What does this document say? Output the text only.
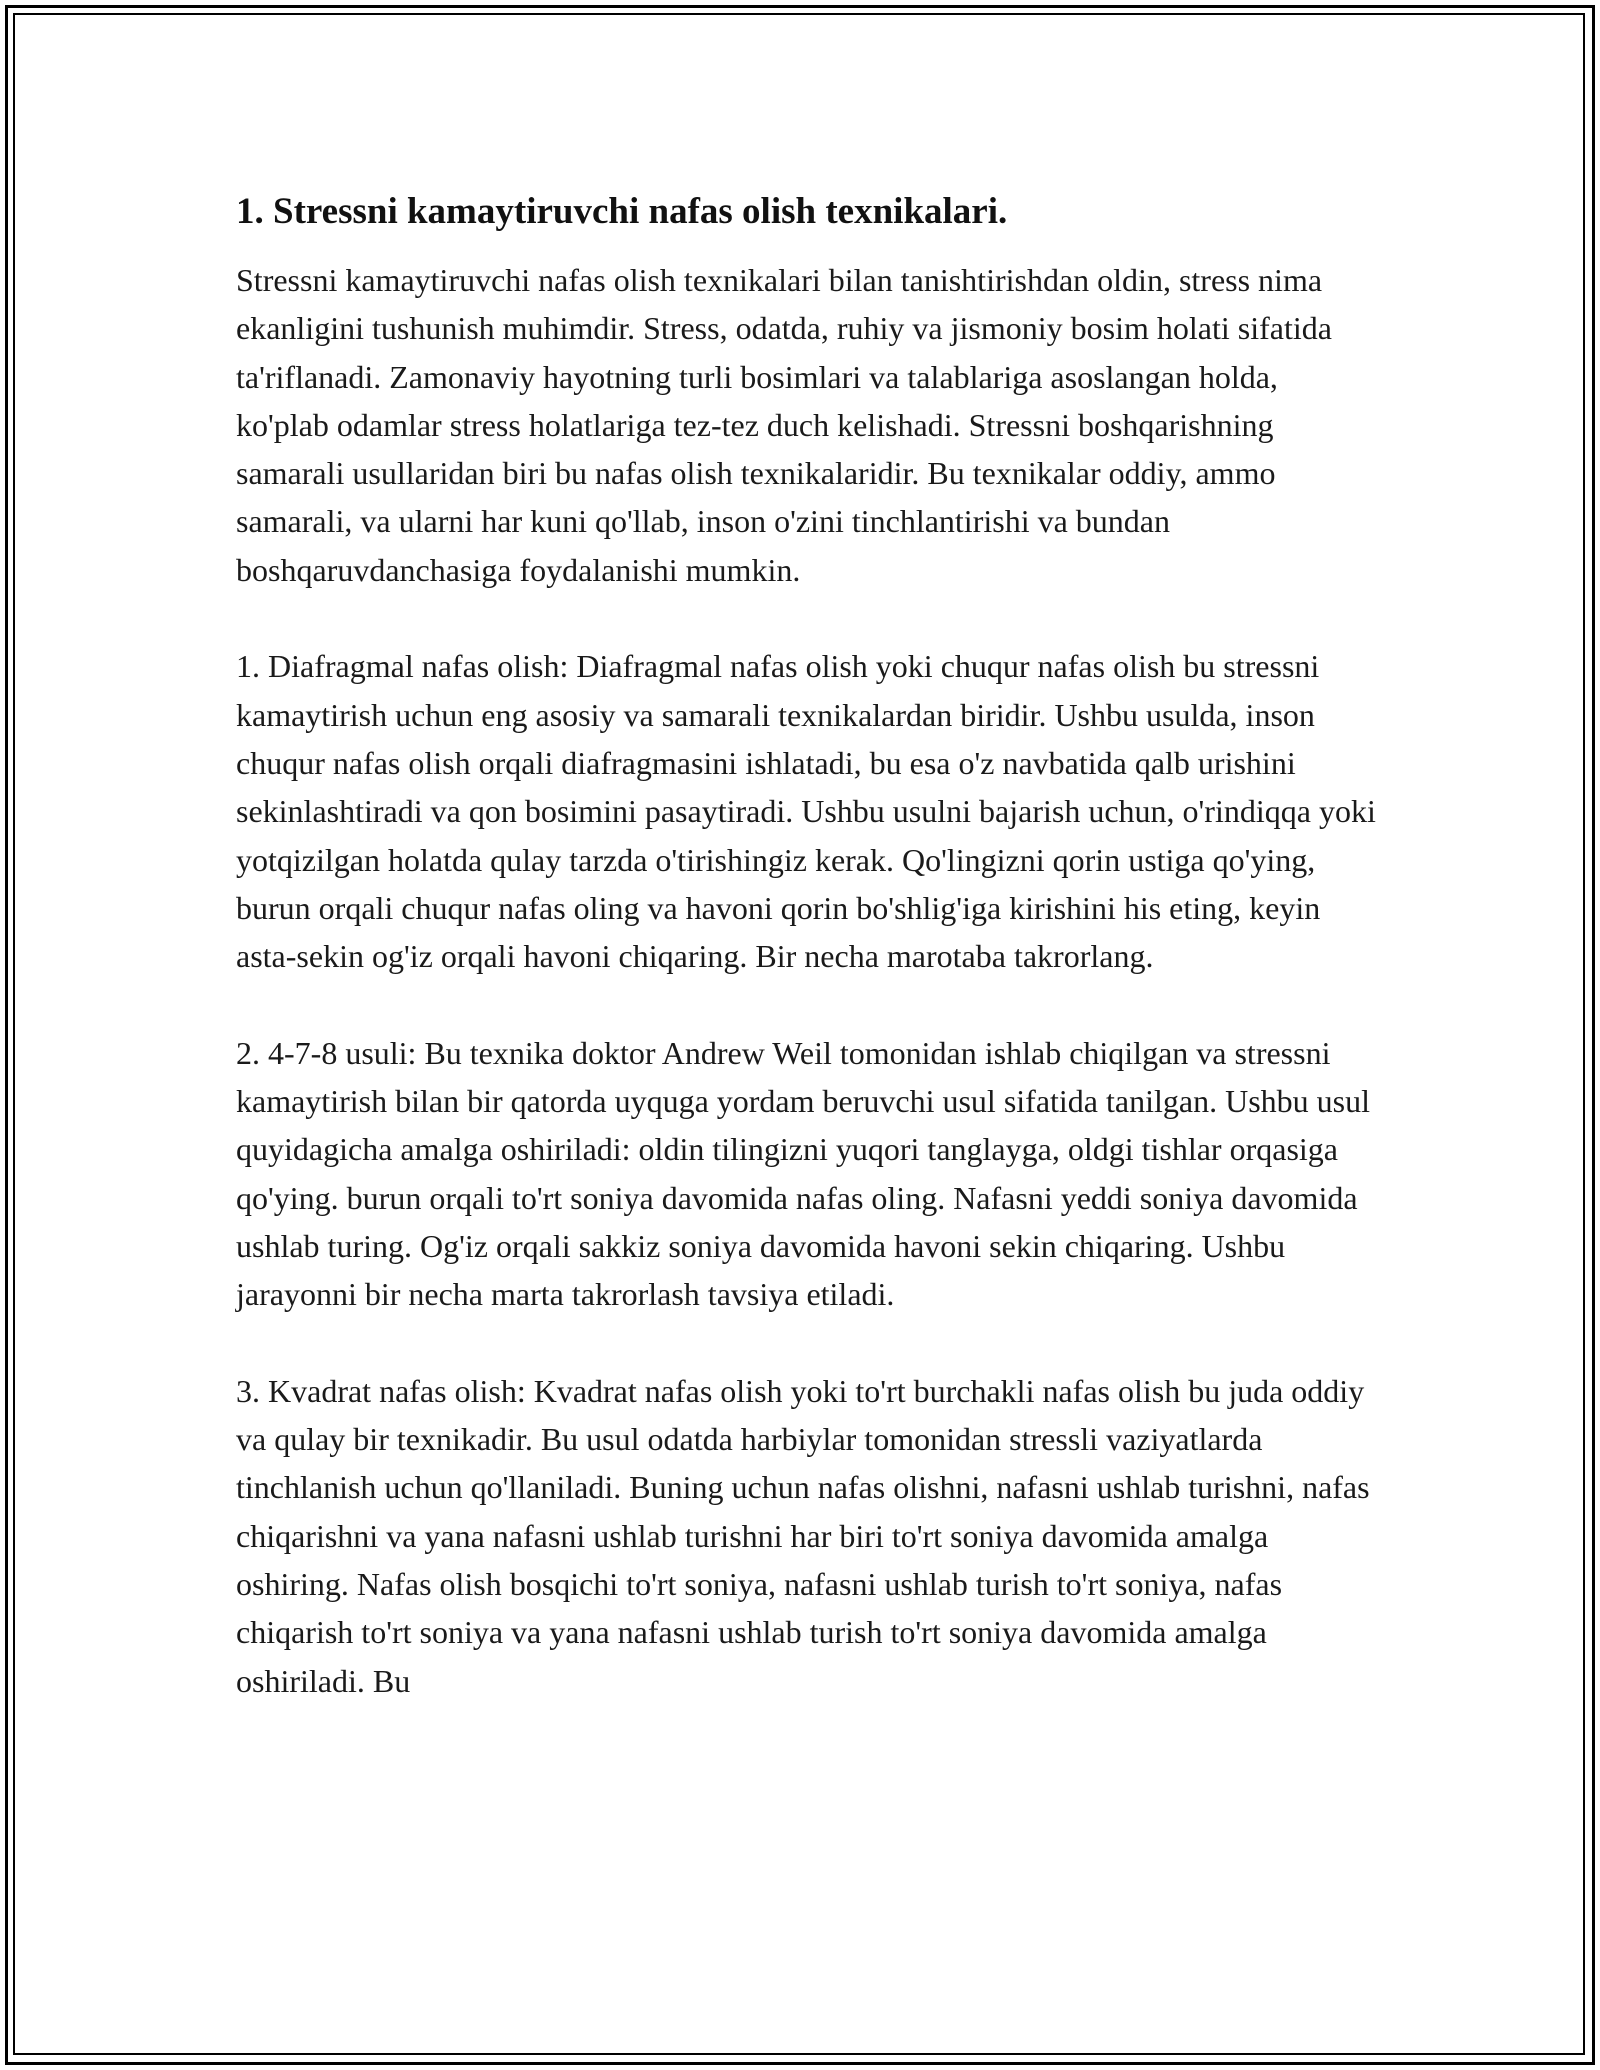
1. Stressni kamaytiruvchi nafas olish texnikalari.

Stressni kamaytiruvchi nafas olish texnikalari bilan tanishtirishdan oldin, stress nima ekanligini tushunish muhimdir. Stress, odatda, ruhiy va jismoniy bosim holati sifatida ta'riflanadi. Zamonaviy hayotning turli bosimlari va talablariga asoslangan holda, ko'plab odamlar stress holatlariga tez-tez duch kelishadi. Stressni boshqarishning samarali usullaridan biri bu nafas olish texnikalaridir. Bu texnikalar oddiy, ammo samarali, va ularni har kuni qo'llab, inson o'zini tinchlantirishi va bundan boshqaruvdanchasiga foydalanishi mumkin.

1. Diafragmal nafas olish: Diafragmal nafas olish yoki chuqur nafas olish bu stressni kamaytirish uchun eng asosiy va samarali texnikalardan biridir. Ushbu usulda, inson chuqur nafas olish orqali diafragmasini ishlatadi, bu esa o'z navbatida qalb urishini sekinlashtiradi va qon bosimini pasaytiradi. Ushbu usulni bajarish uchun, o'rindiqqa yoki yotqizilgan holatda qulay tarzda o'tirishingiz kerak. Qo'lingizni qorin ustiga qo'ying, burun orqali chuqur nafas oling va havoni qorin bo'shlig'iga kirishini his eting, keyin asta-sekin og'iz orqali havoni chiqaring. Bir necha marotaba takrorlang.

2. 4-7-8 usuli: Bu texnika doktor Andrew Weil tomonidan ishlab chiqilgan va stressni kamaytirish bilan bir qatorda uyquga yordam beruvchi usul sifatida tanilgan. Ushbu usul quyidagicha amalga oshiriladi: oldin tilingizni yuqori tanglayga, oldgi tishlar orqasiga qo'ying. burun orqali to'rt soniya davomida nafas oling. Nafasni yeddi soniya davomida ushlab turing. Og'iz orqali sakkiz soniya davomida havoni sekin chiqaring. Ushbu jarayonni bir necha marta takrorlash tavsiya etiladi.

3. Kvadrat nafas olish: Kvadrat nafas olish yoki to'rt burchakli nafas olish bu juda oddiy va qulay bir texnikadir. Bu usul odatda harbiylar tomonidan stressli vaziyatlarda tinchlanish uchun qo'llaniladi. Buning uchun nafas olishni, nafasni ushlab turishni, nafas chiqarishni va yana nafasni ushlab turishni har biri to'rt soniya davomida amalga oshiring. Nafas olish bosqichi to'rt soniya, nafasni ushlab turish to'rt soniya, nafas chiqarish to'rt soniya va yana nafasni ushlab turish to'rt soniya davomida amalga oshiriladi. Bu
